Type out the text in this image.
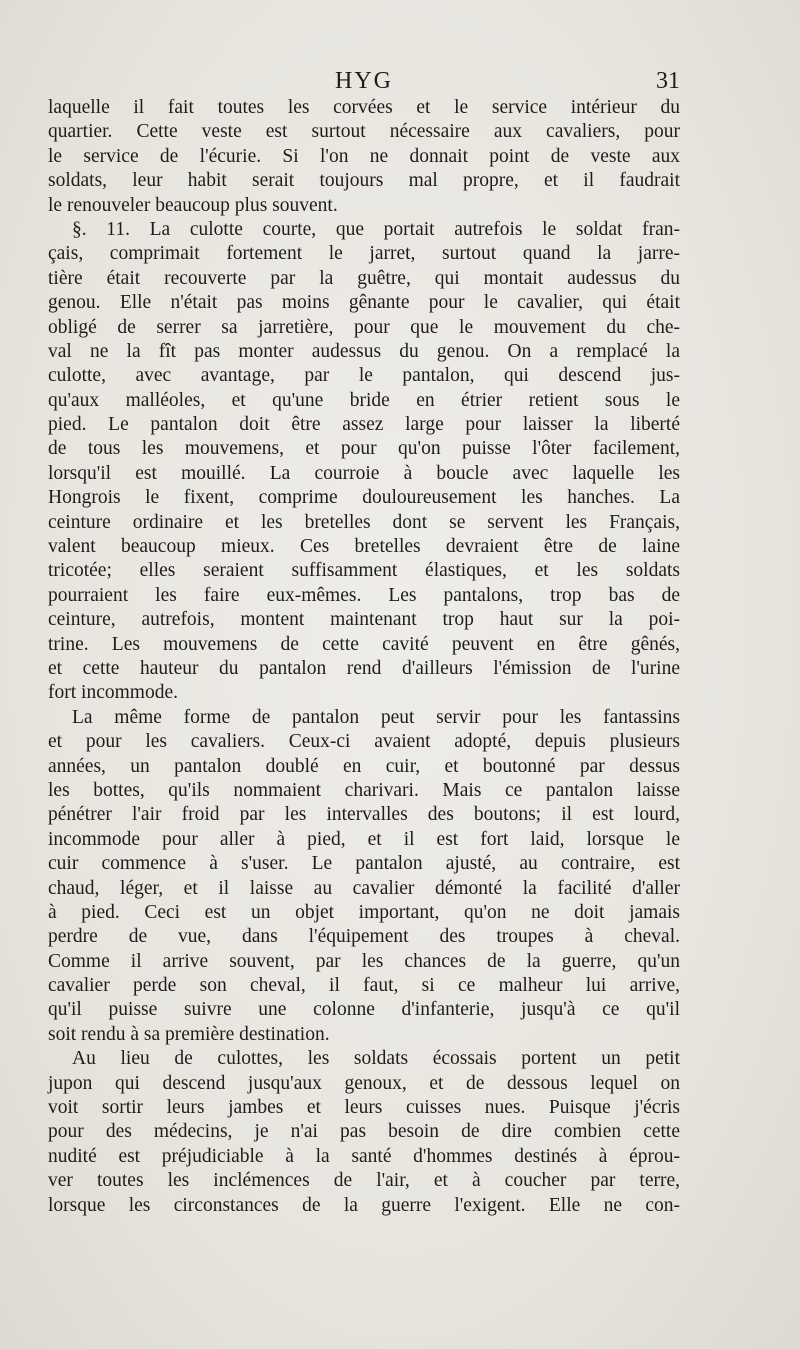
HYG	31
laquelle il fait toutes les corvées et le service intérieur du
quartier. Cette veste est surtout nécessaire aux cavaliers, pour
le service de l'écurie. Si l'on ne donnait point de veste aux
soldats, leur habit serait toujours mal propre, et il faudrait
le renouveler beaucoup plus souvent.
§. 11. La culotte courte, que portait autrefois le soldat fran-
çais, comprimait fortement le jarret, surtout quand la jarre-
tière était recouverte par la guêtre, qui montait audessus du
genou. Elle n'était pas moins gênante pour le cavalier, qui était
obligé de serrer sa jarretière, pour que le mouvement du che-
val ne la fît pas monter audessus du genou. On a remplacé la
culotte, avec avantage, par le pantalon, qui descend jus-
qu'aux malléoles, et qu'une bride en étrier retient sous le
pied. Le pantalon doit être assez large pour laisser la liberté
de tous les mouvemens, et pour qu'on puisse l'ôter facilement,
lorsqu'il est mouillé. La courroie à boucle avec laquelle les
Hongrois le fixent, comprime douloureusement les hanches. La
ceinture ordinaire et les bretelles dont se servent les Français,
valent beaucoup mieux. Ces bretelles devraient être de laine
tricotée; elles seraient suffisamment élastiques, et les soldats
pourraient les faire eux-mêmes. Les pantalons, trop bas de
ceinture, autrefois, montent maintenant trop haut sur la poi-
trine. Les mouvemens de cette cavité peuvent en être gênés,
et cette hauteur du pantalon rend d'ailleurs l'émission de l'urine
fort incommode.
La même forme de pantalon peut servir pour les fantassins
et pour les cavaliers. Ceux-ci avaient adopté, depuis plusieurs
années, un pantalon doublé en cuir, et boutonné par dessus
les bottes, qu'ils nommaient charivari. Mais ce pantalon laisse
pénétrer l'air froid par les intervalles des boutons; il est lourd,
incommode pour aller à pied, et il est fort laid, lorsque le
cuir commence à s'user. Le pantalon ajusté, au contraire, est
chaud, léger, et il laisse au cavalier démonté la facilité d'aller
à pied. Ceci est un objet important, qu'on ne doit jamais
perdre de vue, dans l'équipement des troupes à cheval.
Comme il arrive souvent, par les chances de la guerre, qu'un
cavalier perde son cheval, il faut, si ce malheur lui arrive,
qu'il puisse suivre une colonne d'infanterie, jusqu'à ce qu'il
soit rendu à sa première destination.
Au lieu de culottes, les soldats écossais portent un petit
jupon qui descend jusqu'aux genoux, et de dessous lequel on
voit sortir leurs jambes et leurs cuisses nues. Puisque j'écris
pour des médecins, je n'ai pas besoin de dire combien cette
nudité est préjudiciable à la santé d'hommes destinés à éprou-
ver toutes les inclémences de l'air, et à coucher par terre,
lorsque les circonstances de la guerre l'exigent. Elle ne con-
